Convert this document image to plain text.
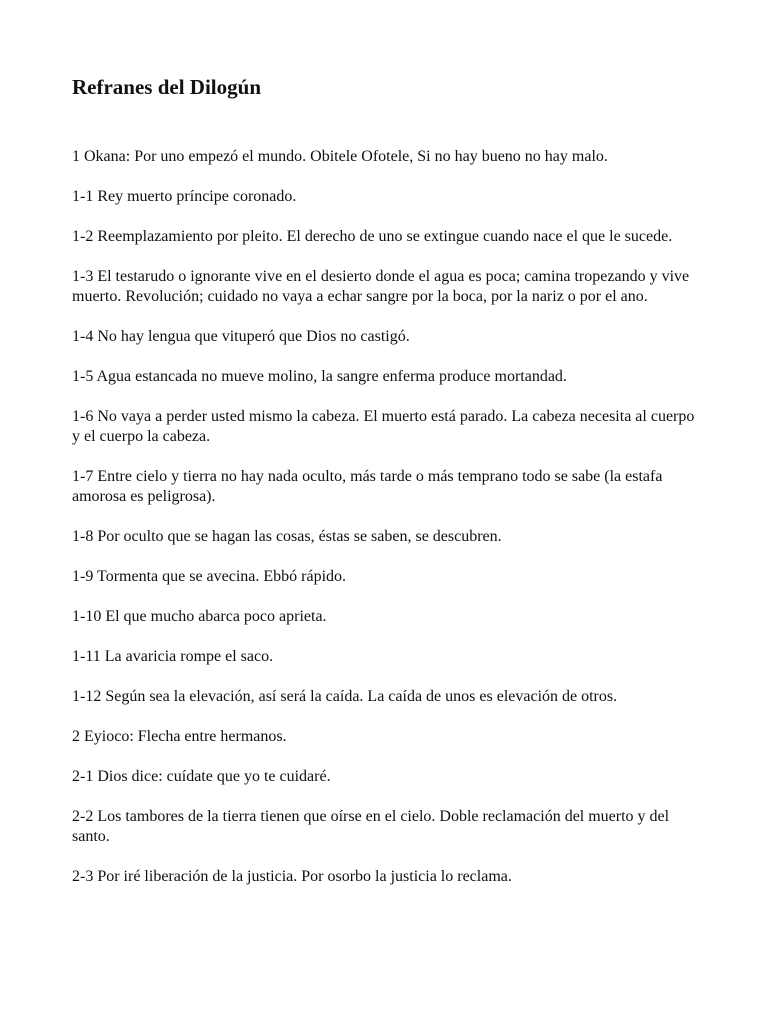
Refranes del Dilogún
1 Okana: Por uno empezó el mundo. Obitele Ofotele, Si no hay bueno no hay malo.
1-1 Rey muerto príncipe coronado.
1-2 Reemplazamiento por pleito. El derecho de uno se extingue cuando nace el que le sucede.
1-3 El testarudo o ignorante vive en el desierto donde el agua es poca; camina tropezando y vive muerto. Revolución; cuidado no vaya a echar sangre por la boca, por la nariz o por el ano.
1-4 No hay lengua que vituperó que Dios no castigó.
1-5 Agua estancada no mueve molino, la sangre enferma produce mortandad.
1-6 No vaya a perder usted mismo la cabeza. El muerto está parado. La cabeza necesita al cuerpo y el cuerpo la cabeza.
1-7 Entre cielo y tierra no hay nada oculto, más tarde o más temprano todo se sabe (la estafa amorosa es peligrosa).
1-8 Por oculto que se hagan las cosas, éstas se saben, se descubren.
1-9 Tormenta que se avecina. Ebbó rápido.
1-10 El que mucho abarca poco aprieta.
1-11 La avaricia rompe el saco.
1-12 Según sea la elevación, así será la caída. La caída de unos es elevación de otros.
2 Eyioco: Flecha entre hermanos.
2-1 Dios dice: cuídate que yo te cuidaré.
2-2 Los tambores de la tierra tienen que oírse en el cielo. Doble reclamación del muerto y del santo.
2-3 Por iré liberación de la justicia. Por osorbo la justicia lo reclama.
